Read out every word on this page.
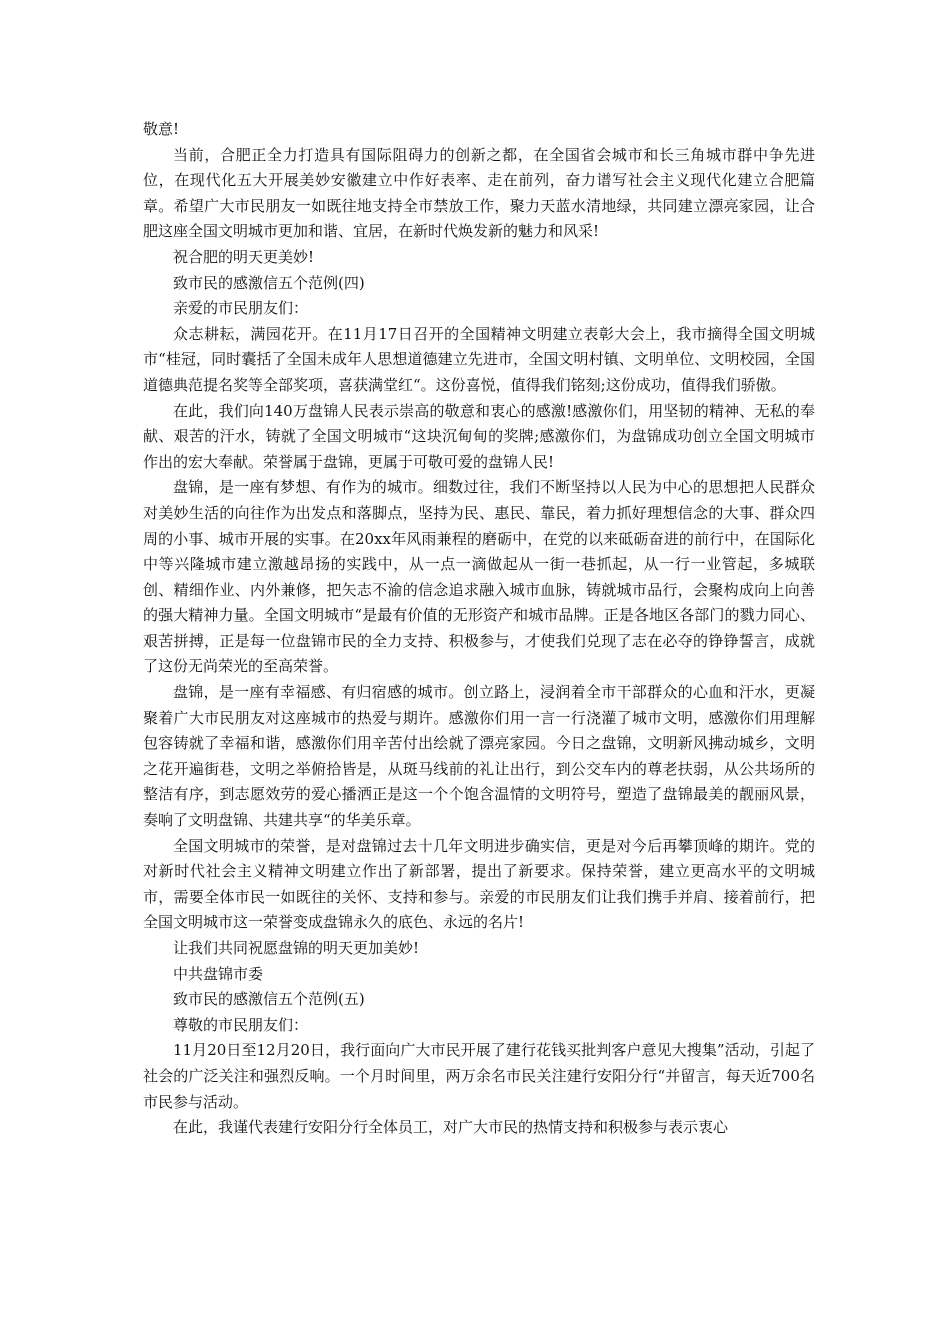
敬意!

当前，合肥正全力打造具有国际阻碍力的创新之都，在全国省会城市和长三角城市群中争先进位，在现代化五大开展美妙安徽建立中作好表率、走在前列，奋力谱写社会主义现代化建立合肥篇章。希望广大市民朋友一如既往地支持全市禁放工作，聚力天蓝水清地绿，共同建立漂亮家园，让合肥这座全国文明城市更加和谐、宜居，在新时代焕发新的魅力和风采!

祝合肥的明天更美妙!

致市民的感激信五个范例(四)

亲爱的市民朋友们：

众志耕耘，满园花开。在11月17日召开的全国精神文明建立表彰大会上，我市摘得全国文明城市“桂冠，同时囊括了全国未成年人思想道德建立先进市，全国文明村镇、文明单位、文明校园，全国道德典范提名奖等全部奖项，喜获满堂红“。这份喜悦，值得我们铭刻;这份成功，值得我们骄傲。

在此，我们向140万盘锦人民表示崇高的敬意和衷心的感激!感激你们，用坚韧的精神、无私的奉献、艰苦的汗水，铸就了全国文明城市“这块沉甸甸的奖牌;感激你们，为盘锦成功创立全国文明城市作出的宏大奉献。荣誉属于盘锦，更属于可敬可爱的盘锦人民!

盘锦，是一座有梦想、有作为的城市。细数过往，我们不断坚持以人民为中心的思想把人民群众对美妙生活的向往作为出发点和落脚点，坚持为民、惠民、靠民，着力抓好理想信念的大事、群众四周的小事、城市开展的实事。在20xx年风雨兼程的磨砺中，在党的以来砥砺奋进的前行中，在国际化中等兴隆城市建立激越昂扬的实践中，从一点一滴做起从一街一巷抓起，从一行一业管起，多城联创、精细作业、内外兼修，把矢志不渝的信念追求融入城市血脉，铸就城市品行，会聚构成向上向善的强大精神力量。全国文明城市“是最有价值的无形资产和城市品牌。正是各地区各部门的戮力同心、艰苦拼搏，正是每一位盘锦市民的全力支持、积极参与，才使我们兑现了志在必夺的铮铮誓言，成就了这份无尚荣光的至高荣誉。

盘锦，是一座有幸福感、有归宿感的城市。创立路上，浸润着全市干部群众的心血和汗水，更凝聚着广大市民朋友对这座城市的热爱与期许。感激你们用一言一行浇灌了城市文明，感激你们用理解包容铸就了幸福和谐，感激你们用辛苦付出绘就了漂亮家园。今日之盘锦，文明新风拂动城乡，文明之花开遍街巷，文明之举俯拾皆是，从斑马线前的礼让出行，到公交车内的尊老扶弱，从公共场所的整洁有序，到志愿效劳的爱心播洒正是这一个个饱含温情的文明符号，塑造了盘锦最美的靓丽风景，奏响了文明盘锦、共建共享“的华美乐章。

全国文明城市的荣誉，是对盘锦过去十几年文明进步确实信，更是对今后再攀顶峰的期许。党的对新时代社会主义精神文明建立作出了新部署，提出了新要求。保持荣誉，建立更高水平的文明城市，需要全体市民一如既往的关怀、支持和参与。亲爱的市民朋友们让我们携手并肩、接着前行，把全国文明城市这一荣誉变成盘锦永久的底色、永远的名片!

让我们共同祝愿盘锦的明天更加美妙!

中共盘锦市委

致市民的感激信五个范例(五)

尊敬的市民朋友们：

11月20日至12月20日，我行面向广大市民开展了建行花钱买批判客户意见大搜集”活动，引起了社会的广泛关注和强烈反响。一个月时间里，两万余名市民关注建行安阳分行“并留言，每天近700名市民参与活动。

在此，我谨代表建行安阳分行全体员工，对广大市民的热情支持和积极参与表示衷心
